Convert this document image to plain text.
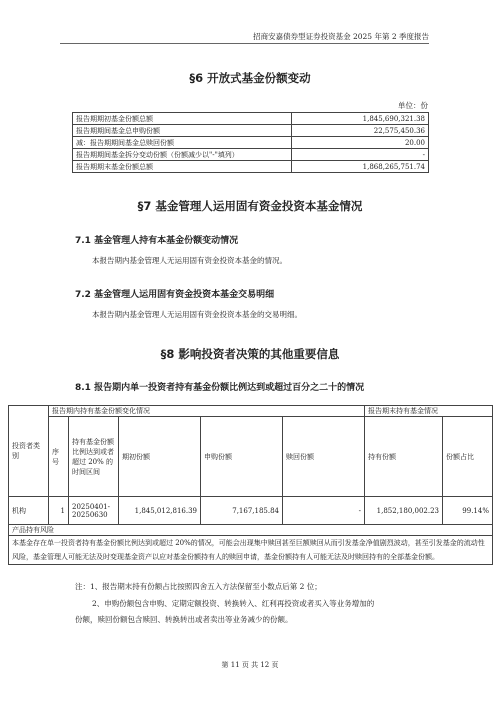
招商安嘉债券型证券投资基金 2025 年第 2 季度报告
§6 开放式基金份额变动
单位：份
报告期期初基金份额总额	1,845,690,321.38
报告期期间基金总申购份额	22,575,450.36
减：报告期期间基金总赎回份额	20.00
报告期期间基金拆分变动份额（份额减少以"-"填列）	-
报告期期末基金份额总额	1,868,265,751.74
§7 基金管理人运用固有资金投资本基金情况
7.1 基金管理人持有本基金份额变动情况
本报告期内基金管理人无运用固有资金投资本基金的情况。
7.2 基金管理人运用固有资金投资本基金交易明细
本报告期内基金管理人无运用固有资金投资本基金的交易明细。
§8 影响投资者决策的其他重要信息
8.1 报告期内单一投资者持有基金份额比例达到或超过百分之二十的情况
投资者类别	报告期内持有基金份额变化情况					报告期末持有基金情况	
	序号	持有基金份额比例达到或者超过 20% 的时间区间	期初份额	申购份额	赎回份额	持有份额	份额占比
机构	1	20250401-20250630	1,845,012,816.39	7,167,185.84	-	1,852,180,002.23	99.14%
产品持有风险							
本基金存在单一投资者持有基金份额比例达到或超过 20%的情况，可能会出现集中赎回甚至巨额赎回从而引发基金净值剧烈波动，甚至引发基金的流动性风险，基金管理人可能无法及时变现基金资产以应对基金份额持有人的赎回申请，基金份额持有人可能无法及时赎回持有的全部基金份额。							
注：1、报告期末持有份额占比按照四舍五入方法保留至小数点后第 2 位；
2、申购份额包含申购、定期定额投资、转换转入、红利再投资或者买入等业务增加的
份额，赎回份额包含赎回、转换转出或者卖出等业务减少的份额。
第 11 页 共 12 页
